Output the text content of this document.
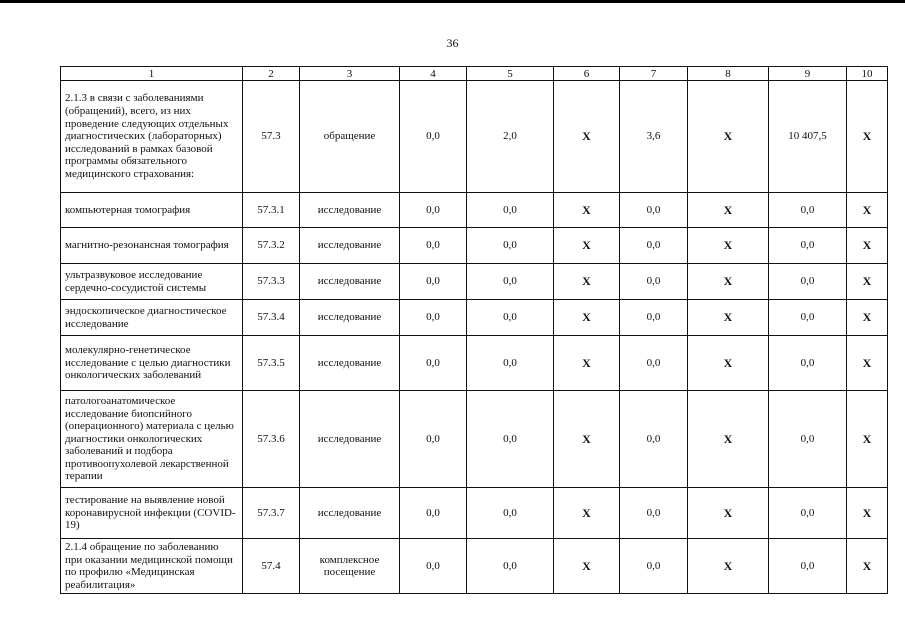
36
1	2	3	4	5	6	7	8	9	10
2.1.3 в связи с заболеваниями (обращений), всего, из них проведение следующих отдельных диагностических (лабораторных) исследований в рамках базовой программы обязательного медицинского страхования:	57.3	обращение	0,0	2,0	X	3,6	X	10 407,5	X
компьютерная томография	57.3.1	исследование	0,0	0,0	X	0,0	X	0,0	X
магнитно-резонансная томография	57.3.2	исследование	0,0	0,0	X	0,0	X	0,0	X
ультразвуковое исследование сердечно-сосудистой системы	57.3.3	исследование	0,0	0,0	X	0,0	X	0,0	X
эндоскопическое диагностическое исследование	57.3.4	исследование	0,0	0,0	X	0,0	X	0,0	X
молекулярно-генетическое исследование с целью диагностики онкологических заболеваний	57.3.5	исследование	0,0	0,0	X	0,0	X	0,0	X
патологоанатомическое исследование биопсийного (операционного) материала с целью диагностики онкологических заболеваний и подбора противоопухолевой лекарственной терапии	57.3.6	исследование	0,0	0,0	X	0,0	X	0,0	X
тестирование на выявление новой коронавирусной инфекции (COVID-19)	57.3.7	исследование	0,0	0,0	X	0,0	X	0,0	X
2.1.4 обращение по заболеванию при оказании медицинской помощи по профилю «Медицинская реабилитация»	57.4	комплексное посещение	0,0	0,0	X	0,0	X	0,0	X
